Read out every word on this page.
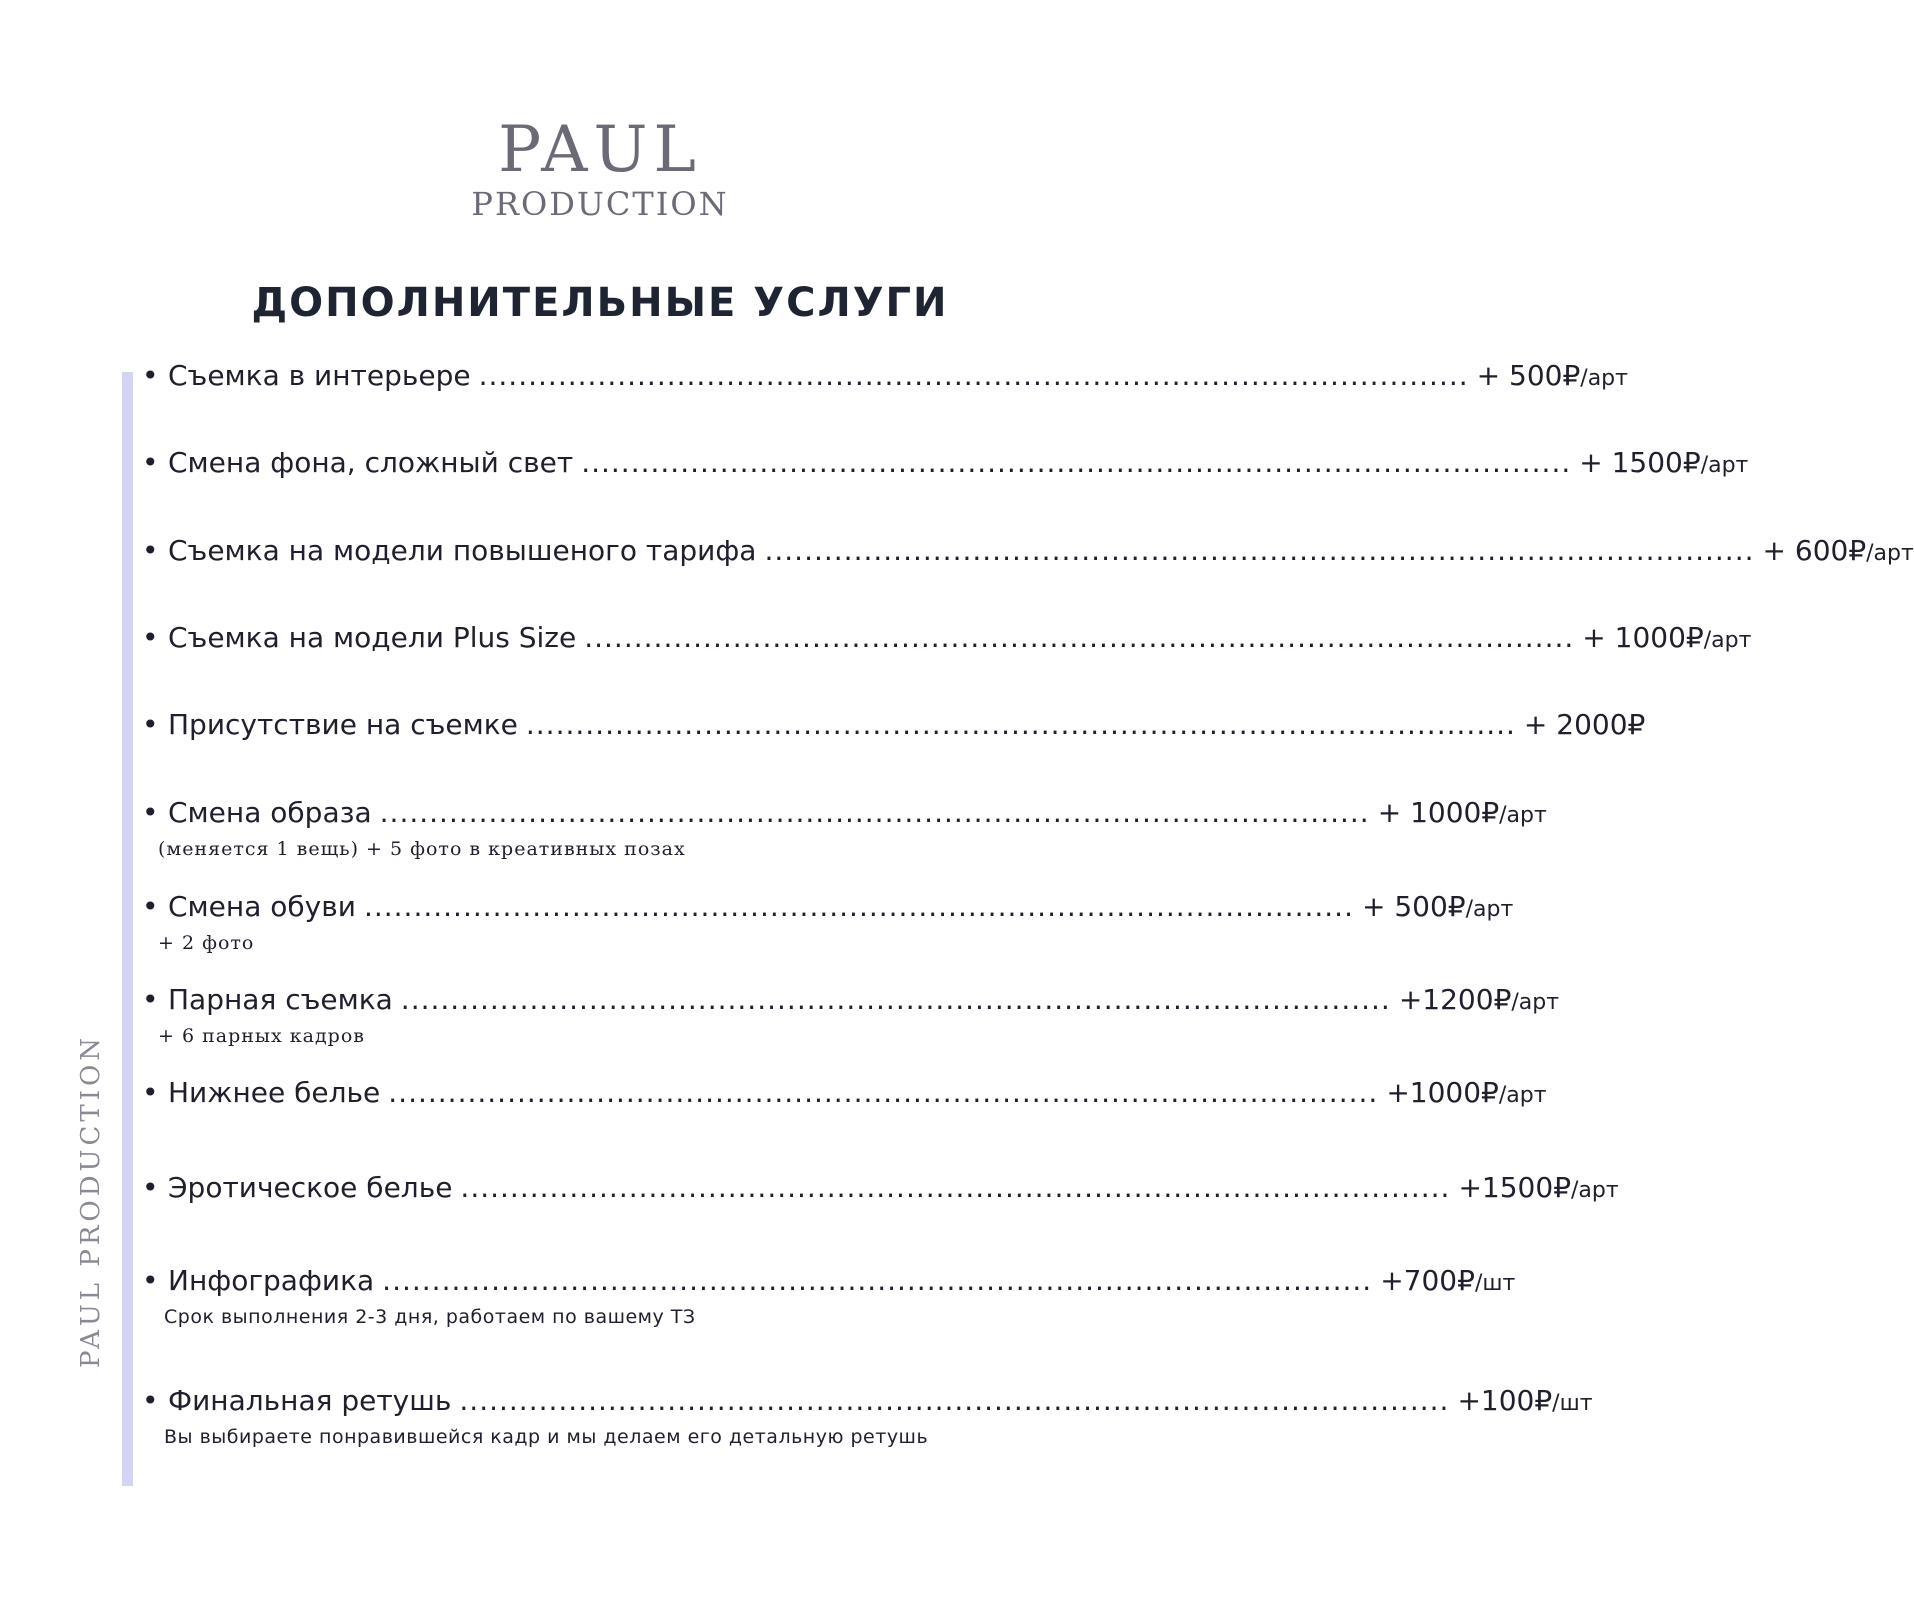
PAUL
PRODUCTION
ДОПОЛНИТЕЛЬНЫЕ УСЛУГИ
PAUL PRODUCTION
• Съемка в интерьере .................................................................................................... + 500₽/арт
• Смена фона, сложный свет .................................................................................................... + 1500₽/арт
• Съемка на модели повышеного тарифа .................................................................................................... + 600₽/арт
• Съемка на модели Plus Size .................................................................................................... + 1000₽/арт
• Присутствие на съемке .................................................................................................... + 2000₽
• Смена образа .................................................................................................... + 1000₽/арт
(меняется 1 вещь) + 5 фото в креативных позах
• Смена обуви .................................................................................................... + 500₽/арт
+ 2 фото
• Парная съемка .................................................................................................... +1200₽/арт
+ 6 парных кадров
• Нижнее белье .................................................................................................... +1000₽/арт
• Эротическое белье .................................................................................................... +1500₽/арт
• Инфографика .................................................................................................... +700₽/шт
Срок выполнения 2-3 дня, работаем по вашему ТЗ
• Финальная ретушь .................................................................................................... +100₽/шт
Вы выбираете понравившейся кадр и мы делаем его детальную ретушь
